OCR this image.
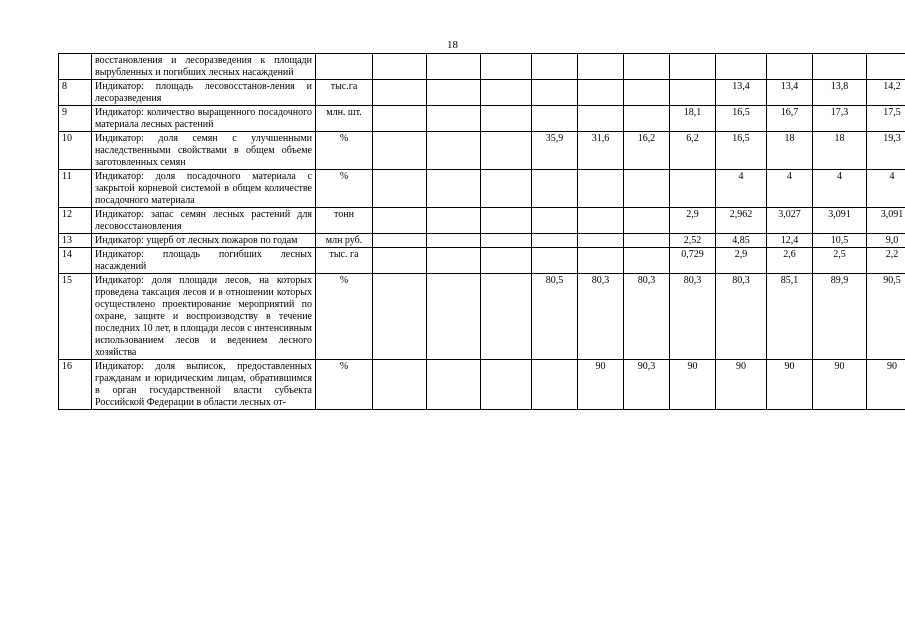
18
	восстановления и лесоразведения к площади вырубленных и погибших лесных насаждений												
8	Индикатор: площадь лесовосстанов-ления и лесоразведения	тыс.га								13,4	13,4	13,8	14,2
9	Индикатор: количество выращенного посадочного материала лесных растений	млн. шт.							18,1	16,5	16,7	17,3	17,5
10	Индикатор: доля семян с улучшенными наследственными свойствами в общем объеме заготовленных семян	%				35,9	31,6	16,2	6,2	16,5	18	18	19,3
11	Индикатор: доля посадочного материала с закрытой корневой системой в общем количестве посадочного материала	%								4	4	4	4
12	Индикатор: запас семян лесных растений для лесовосстановления	тонн							2,9	2,962	3,027	3,091	3,091
13	Индикатор: ущерб от лесных пожаров по годам	млн руб.							2,52	4,85	12,4	10,5	9,0
14	Индикатор: площадь погибших лесных насаждений	тыс. га							0,729	2,9	2,6	2,5	2,2
15	Индикатор: доля площади лесов, на которых проведена таксация лесов и в отношении которых осуществлено проектирование мероприятий по охране, защите и воспроизводству в течение последних 10 лет, в площади лесов с интенсивным использованием лесов и ведением лесного хозяйства	%				80,5	80,3	80,3	80,3	80,3	85,1	89,9	90,5
16	Индикатор: доля выписок, предоставленных гражданам и юридическим лицам, обратившимся в орган государственной власти субъекта Российской Федерации в области лесных от-	%					90	90,3	90	90	90	90	90
